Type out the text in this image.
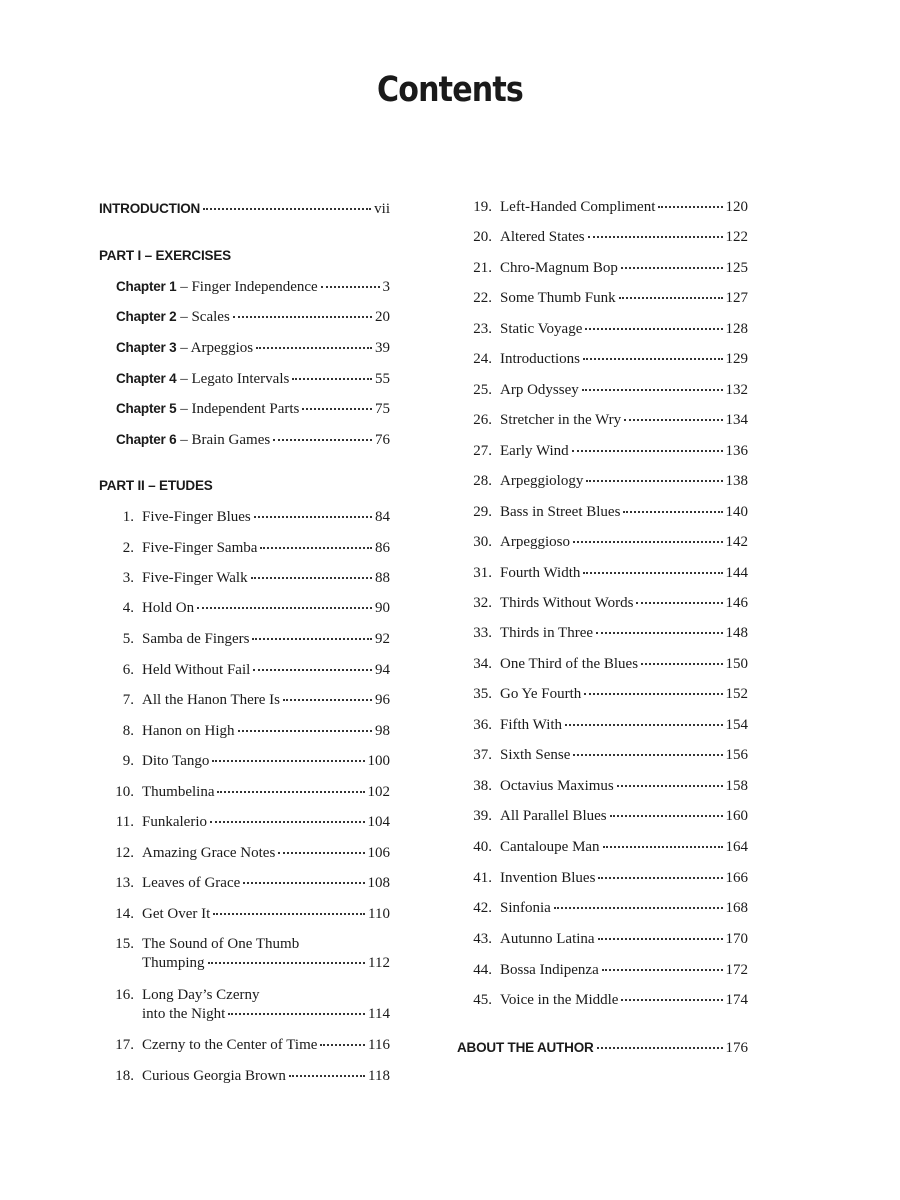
Contents
INTRODUCTION	vii
PART I – EXERCISES
Chapter 1 – Finger Independence	3
Chapter 2 – Scales	20
Chapter 3 – Arpeggios	39
Chapter 4 – Legato Intervals	55
Chapter 5 – Independent Parts	75
Chapter 6 – Brain Games	76
PART II – ETUDES
1. Five-Finger Blues	84
2. Five-Finger Samba	86
3. Five-Finger Walk	88
4. Hold On	90
5. Samba de Fingers	92
6. Held Without Fail	94
7. All the Hanon There Is	96
8. Hanon on High	98
9. Dito Tango	100
10. Thumbelina	102
11. Funkalerio	104
12. Amazing Grace Notes	106
13. Leaves of Grace	108
14. Get Over It	110
15. The Sound of One Thumb
Thumping	112
16. Long Day’s Czerny
into the Night	114
17. Czerny to the Center of Time	116
18. Curious Georgia Brown	118
19. Left-Handed Compliment	120
20. Altered States	122
21. Chro-Magnum Bop	125
22. Some Thumb Funk	127
23. Static Voyage	128
24. Introductions	129
25. Arp Odyssey	132
26. Stretcher in the Wry	134
27. Early Wind	136
28. Arpeggiology	138
29. Bass in Street Blues	140
30. Arpeggioso	142
31. Fourth Width	144
32. Thirds Without Words	146
33. Thirds in Three	148
34. One Third of the Blues	150
35. Go Ye Fourth	152
36. Fifth With	154
37. Sixth Sense	156
38. Octavius Maximus	158
39. All Parallel Blues	160
40. Cantaloupe Man	164
41. Invention Blues	166
42. Sinfonia	168
43. Autunno Latina	170
44. Bossa Indipenza	172
45. Voice in the Middle	174
ABOUT THE AUTHOR	176
